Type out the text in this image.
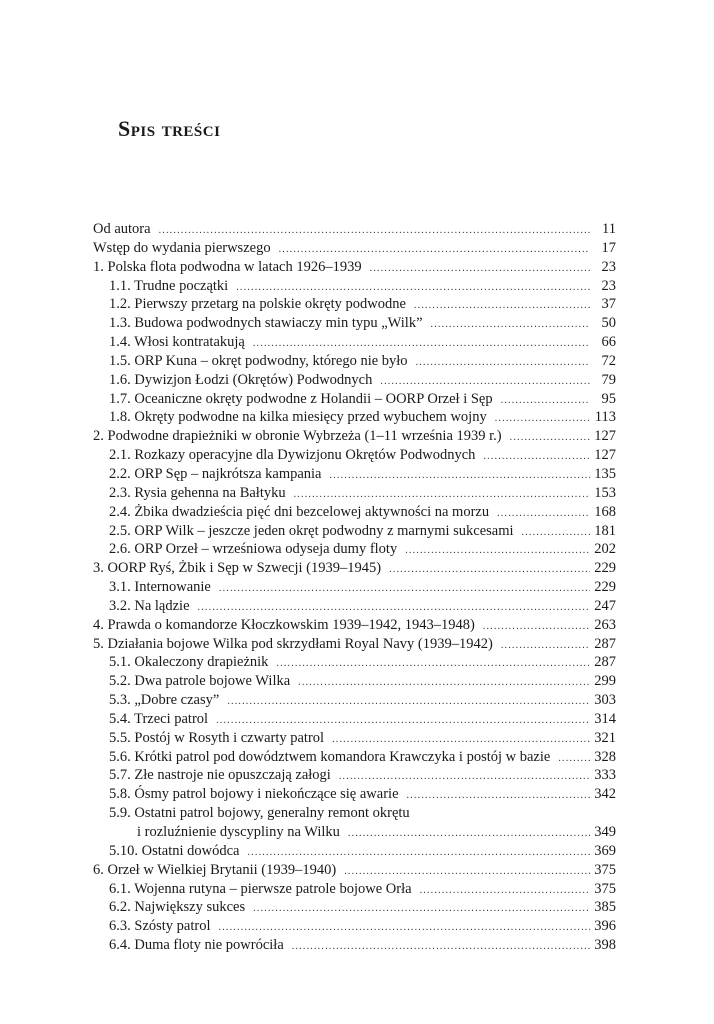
Spis treści
Od autora .....	11
Wstęp do wydania pierwszego .....	17
1. Polska flota podwodna w latach 1926–1939 .....	23
1.1. Trudne początki .....	23
1.2. Pierwszy przetarg na polskie okręty podwodne .....	37
1.3. Budowa podwodnych stawiaczy min typu „Wilk” .....	50
1.4. Włosi kontratakują .....	66
1.5. ORP Kuna – okręt podwodny, którego nie było .....	72
1.6. Dywizjon Łodzi (Okrętów) Podwodnych .....	79
1.7. Oceaniczne okręty podwodne z Holandii – OORP Orzeł i Sęp .....	95
1.8. Okręty podwodne na kilka miesięcy przed wybuchem wojny .....	113
2. Podwodne drapieżniki w obronie Wybrzeża (1–11 września 1939 r.) .....	127
2.1. Rozkazy operacyjne dla Dywizjonu Okrętów Podwodnych .....	127
2.2. ORP Sęp – najkrótsza kampania .....	135
2.3. Rysia gehenna na Bałtyku .....	153
2.4. Żbika dwadzieścia pięć dni bezcelowej aktywności na morzu .....	168
2.5. ORP Wilk – jeszcze jeden okręt podwodny z marnymi sukcesami .....	181
2.6. ORP Orzeł – wrześniowa odyseja dumy floty .....	202
3. OORP Ryś, Żbik i Sęp w Szwecji (1939–1945) .....	229
3.1. Internowanie .....	229
3.2. Na lądzie .....	247
4. Prawda o komandorze Kłoczkowskim 1939–1942, 1943–1948) .....	263
5. Działania bojowe Wilka pod skrzydłami Royal Navy (1939–1942) .....	287
5.1. Okaleczony drapieżnik .....	287
5.2. Dwa patrole bojowe Wilka .....	299
5.3. „Dobre czasy” .....	303
5.4. Trzeci patrol .....	314
5.5. Postój w Rosyth i czwarty patrol .....	321
5.6. Krótki patrol pod dowództwem komandora Krawczyka i postój w bazie .....	328
5.7. Złe nastroje nie opuszczają załogi .....	333
5.8. Ósmy patrol bojowy i niekończące się awarie .....	342
5.9. Ostatni patrol bojowy, generalny remont okrętu
i rozluźnienie dyscypliny na Wilku .....	349
5.10. Ostatni dowódca .....	369
6. Orzeł w Wielkiej Brytanii (1939–1940) .....	375
6.1. Wojenna rutyna – pierwsze patrole bojowe Orła .....	375
6.2. Największy sukces .....	385
6.3. Szósty patrol .....	396
6.4. Duma floty nie powróciła .....	398
